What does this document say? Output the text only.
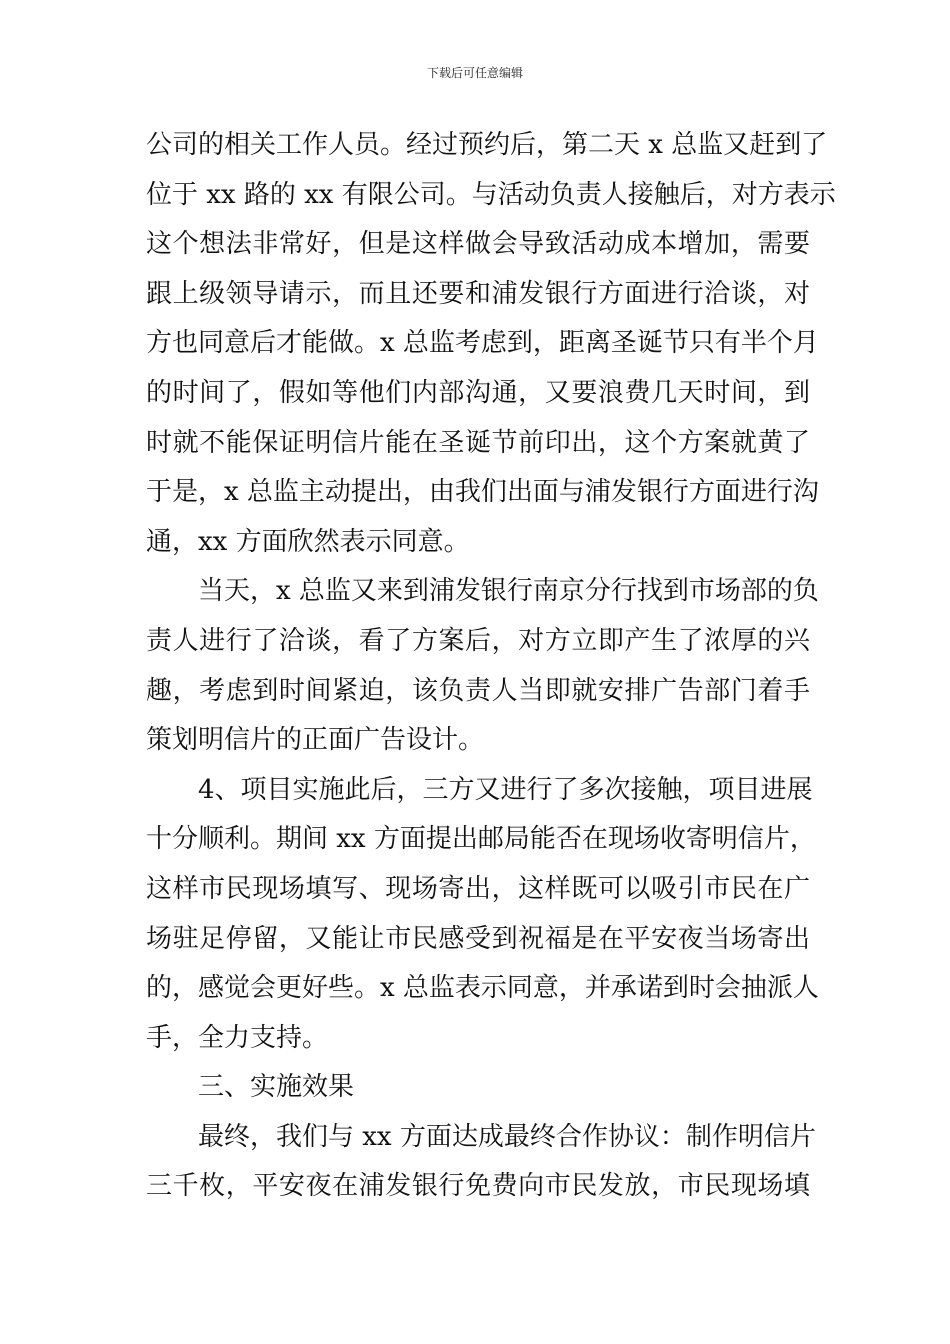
下载后可任意编辑
公司的相关工作人员。经过预约后，第二天 x 总监又赶到了
位于 xx 路的 xx 有限公司。与活动负责人接触后，对方表示
这个想法非常好，但是这样做会导致活动成本增加，需要
跟上级领导请示，而且还要和浦发银行方面进行洽谈，对
方也同意后才能做。x 总监考虑到，距离圣诞节只有半个月
的时间了，假如等他们内部沟通，又要浪费几天时间，到
时就不能保证明信片能在圣诞节前印出，这个方案就黄了
于是，x 总监主动提出，由我们出面与浦发银行方面进行沟
通，xx 方面欣然表示同意。
当天，x 总监又来到浦发银行南京分行找到市场部的负
责人进行了洽谈，看了方案后，对方立即产生了浓厚的兴
趣，考虑到时间紧迫，该负责人当即就安排广告部门着手
策划明信片的正面广告设计。
4、项目实施此后，三方又进行了多次接触，项目进展
十分顺利。期间 xx 方面提出邮局能否在现场收寄明信片，
这样市民现场填写、现场寄出，这样既可以吸引市民在广
场驻足停留，又能让市民感受到祝福是在平安夜当场寄出
的，感觉会更好些。x 总监表示同意，并承诺到时会抽派人
手，全力支持。
三、实施效果
最终，我们与 xx 方面达成最终合作协议：制作明信片
三千枚，平安夜在浦发银行免费向市民发放，市民现场填
